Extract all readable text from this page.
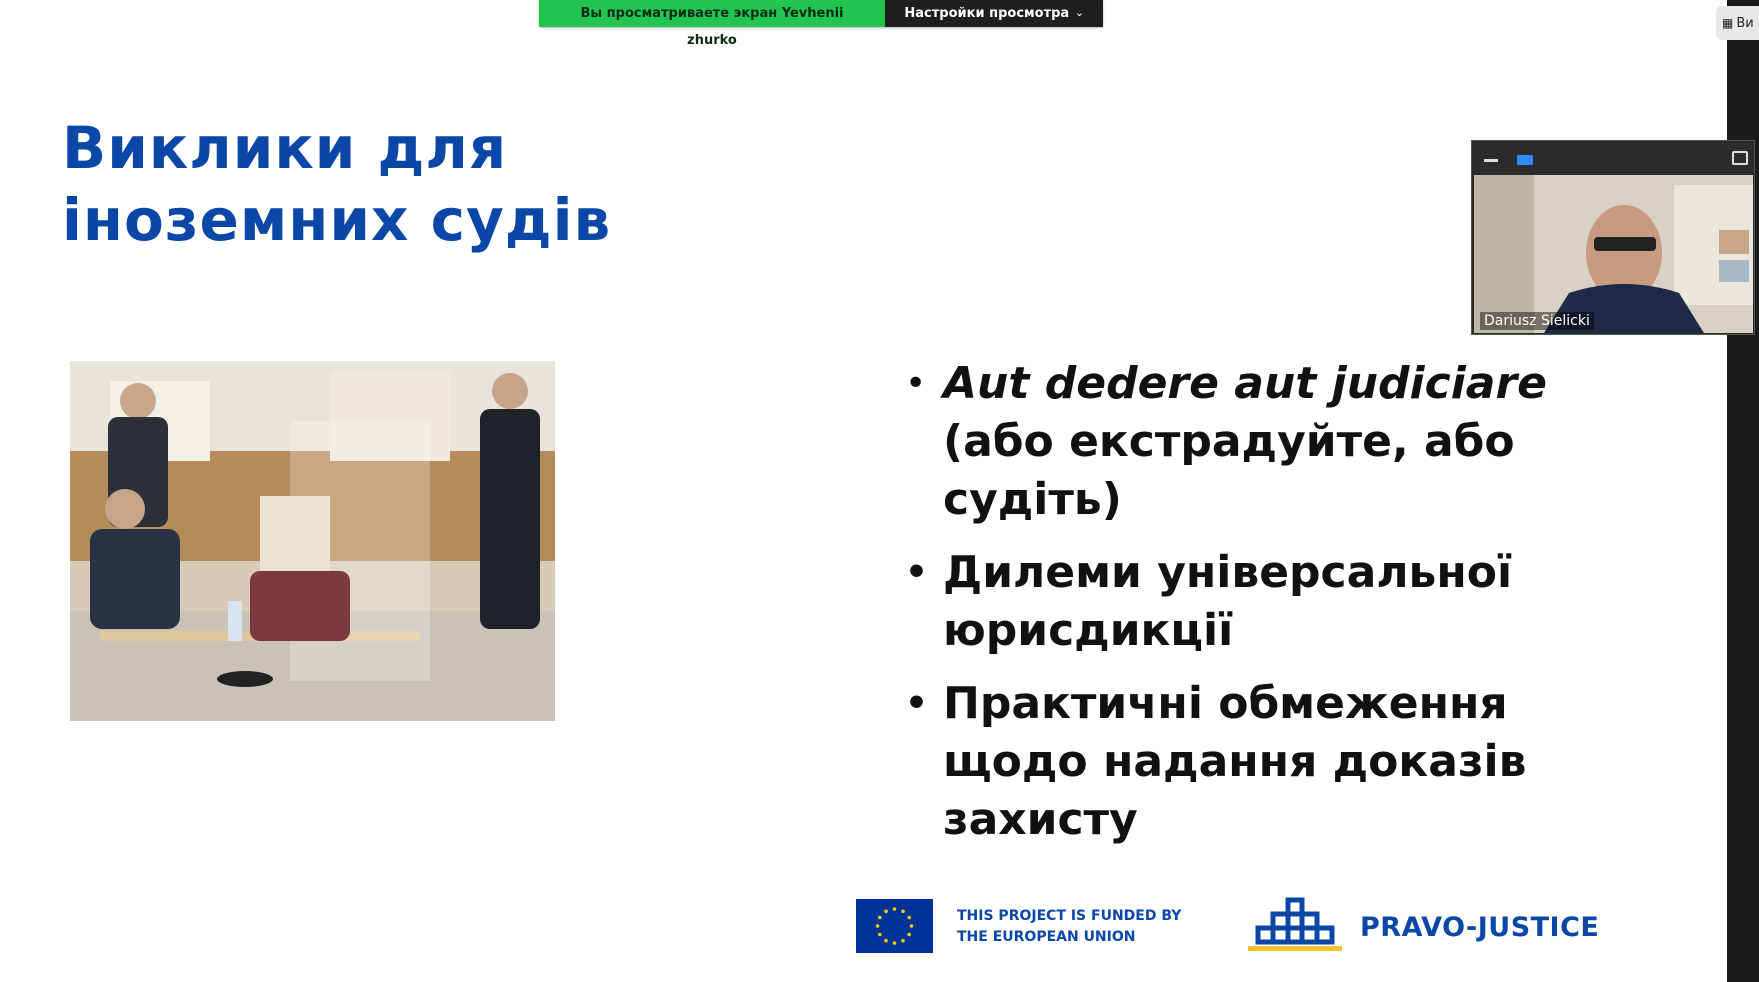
Вы просматриваете экран Yevhenii zhurko
Настройки просмотра ⌄
▦ Ви
Виклики для
іноземних судів
• Aut dedere aut judiciare (або екстрадуйте, або судіть)
• Дилеми універсальної юрисдикції
• Практичні обмеження щодо надання доказів захисту
THIS PROJECT IS FUNDED BY
THE EUROPEAN UNION	PRAVO-JUSTICE
Dariusz Sielicki
